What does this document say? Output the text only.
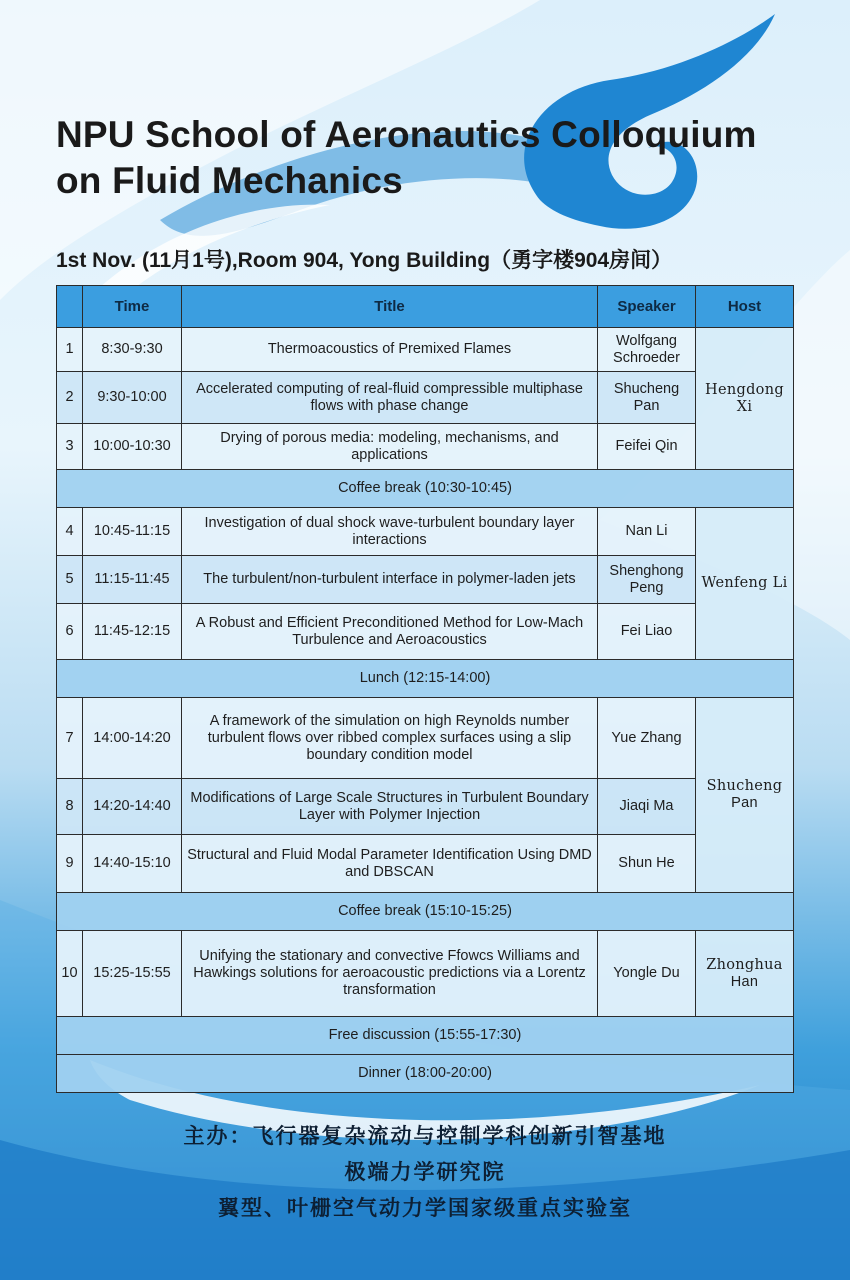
NPU School of Aeronautics Colloquium
on Fluid Mechanics

1st Nov. (11月1号),Room 904, Yong Building（勇字楼904房间）

	Time	Title	Speaker	Host
1	8:30-9:30	Thermoacoustics of Premixed Flames	Wolfgang Schroeder	Hengdong Xi
2	9:30-10:00	Accelerated computing of real-fluid compressible multiphase flows with phase change	Shucheng Pan	
3	10:00-10:30	Drying of porous media: modeling, mechanisms, and applications	Feifei Qin	
Coffee break (10:30-10:45)				
4	10:45-11:15	Investigation of dual shock wave-turbulent boundary layer interactions	Nan Li	Wenfeng Li
5	11:15-11:45	The turbulent/non-turbulent interface in polymer-laden jets	Shenghong Peng	
6	11:45-12:15	A Robust and Efficient Preconditioned Method for Low-Mach Turbulence and Aeroacoustics	Fei Liao	
Lunch (12:15-14:00)				
7	14:00-14:20	A framework of the simulation on high Reynolds number turbulent flows over ribbed complex surfaces using a slip boundary condition model	Yue Zhang	Shucheng
Pan
8	14:20-14:40	Modifications of Large Scale Structures in Turbulent Boundary Layer with Polymer Injection	Jiaqi Ma	
9	14:40-15:10	Structural and Fluid Modal Parameter Identification Using DMD and DBSCAN	Shun He	
Coffee break (15:10-15:25)				
10	15:25-15:55	Unifying the stationary and convective Ffowcs Williams and Hawkings solutions for aeroacoustic predictions via a Lorentz transformation	Yongle Du	Zhonghua
Han
Free discussion (15:55-17:30)				
Dinner (18:00-20:00)				
主办：飞行器复杂流动与控制学科创新引智基地
极端力学研究院
翼型、叶栅空气动力学国家级重点实验室
